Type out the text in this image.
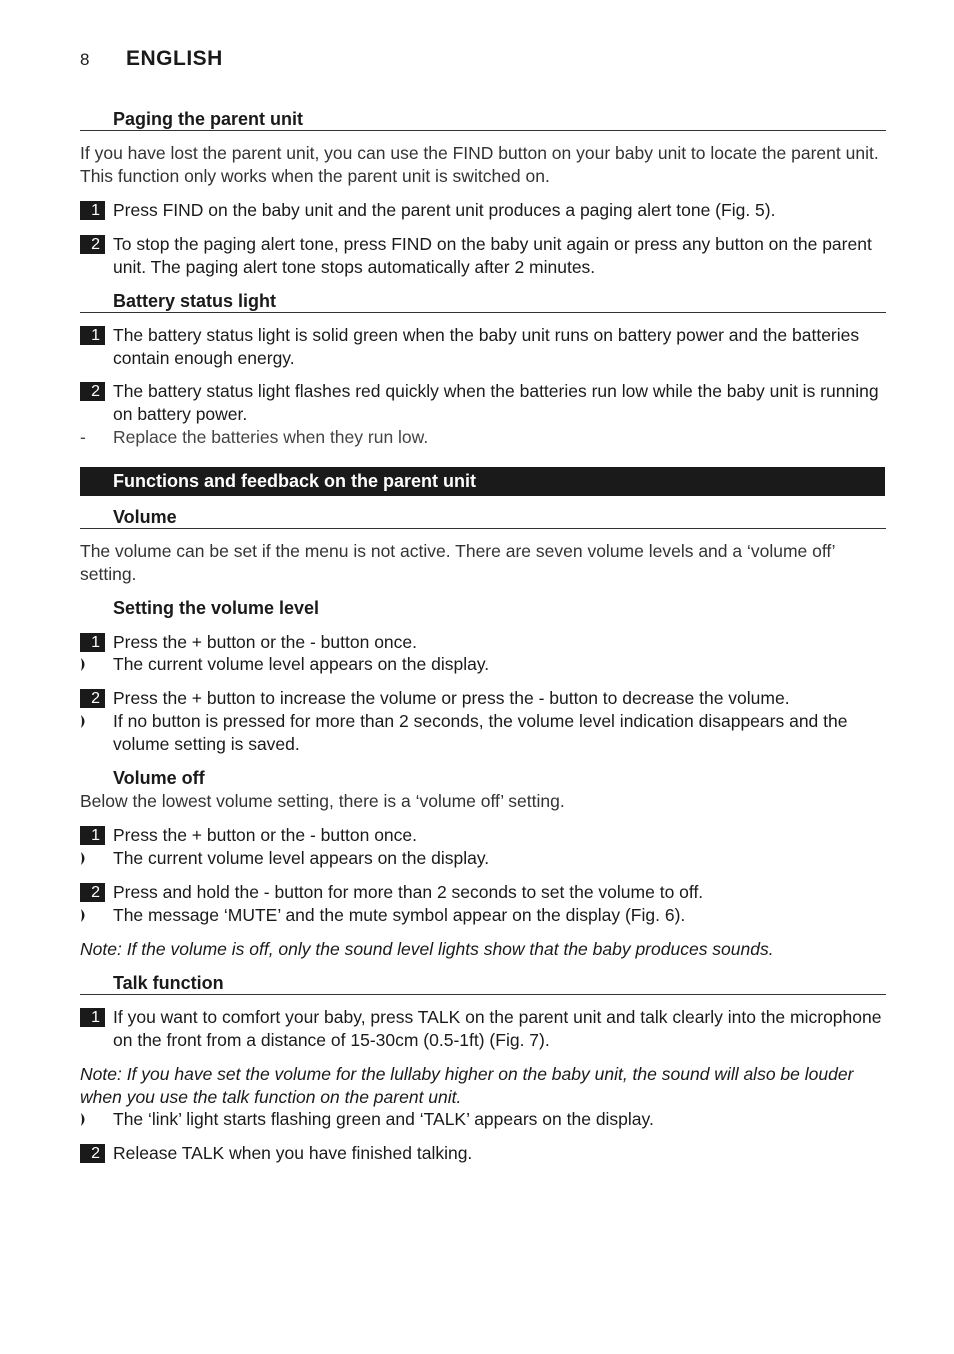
8 ENGLISH
Paging the parent unit
If you have lost the parent unit, you can use the FIND button on your baby unit to locate the parent unit. This function only works when the parent unit is switched on.
1 Press FIND on the baby unit and the parent unit produces a paging alert tone (Fig. 5).
2 To stop the paging alert tone, press FIND on the baby unit again or press any button on the parent unit. The paging alert tone stops automatically after 2 minutes.
Battery status light
1 The battery status light is solid green when the baby unit runs on battery power and the batteries contain enough energy.
2 The battery status light flashes red quickly when the batteries run low while the baby unit is running on battery power.
- Replace the batteries when they run low.
Functions and feedback on the parent unit
Volume
The volume can be set if the menu is not active. There are seven volume levels and a ‘volume off’ setting.
Setting the volume level
1 Press the + button or the - button once.
The current volume level appears on the display.
2 Press the + button to increase the volume or press the - button to decrease the volume.
If no button is pressed for more than 2 seconds, the volume level indication disappears and the volume setting is saved.
Volume off
Below the lowest volume setting, there is a ‘volume off’ setting.
1 Press the + button or the - button once.
The current volume level appears on the display.
2 Press and hold the - button for more than 2 seconds to set the volume to off.
The message ‘MUTE’ and the mute symbol appear on the display (Fig. 6).
Note: If the volume is off, only the sound level lights show that the baby produces sounds.
Talk function
1 If you want to comfort your baby, press TALK on the parent unit and talk clearly into the microphone on the front from a distance of 15-30cm (0.5-1ft) (Fig. 7).
Note: If you have set the volume for the lullaby higher on the baby unit, the sound will also be louder when you use the talk function on the parent unit.
The ‘link’ light starts flashing green and ‘TALK’ appears on the display.
2 Release TALK when you have finished talking.
